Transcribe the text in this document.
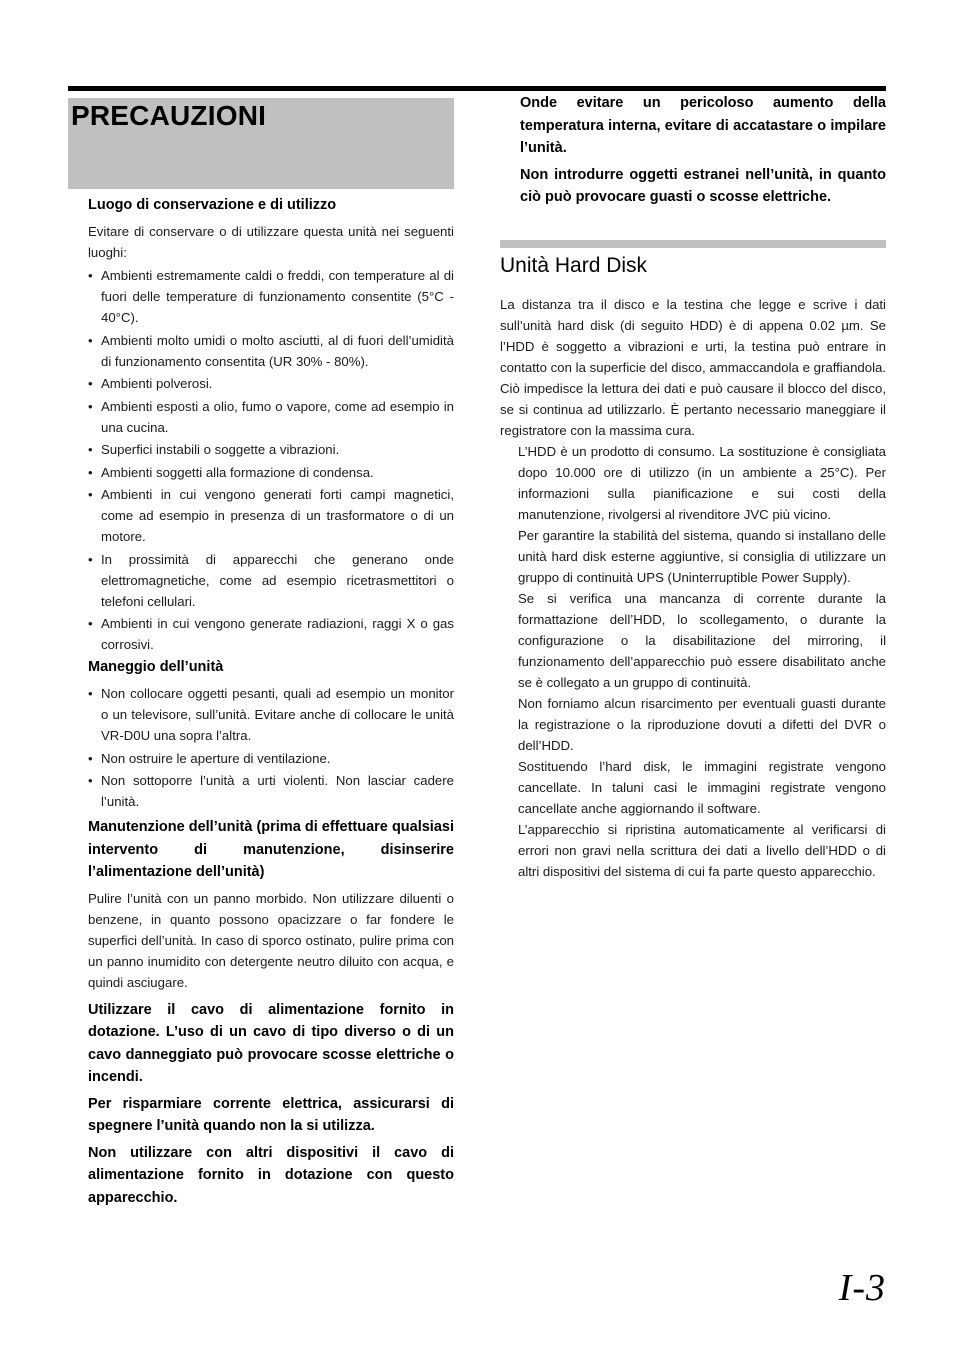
PRECAUZIONI
Luogo di conservazione e di utilizzo

Evitare di conservare o di utilizzare questa unità nei seguenti luoghi:

• Ambienti estremamente caldi o freddi, con temperature al di fuori delle temperature di funzionamento consentite (5°C - 40°C).
• Ambienti molto umidi o molto asciutti, al di fuori dell’umidità di funzionamento consentita (UR 30% - 80%).
• Ambienti polverosi.
• Ambienti esposti a olio, fumo o vapore, come ad esempio in una cucina.
• Superfici instabili o soggette a vibrazioni.
• Ambienti soggetti alla formazione di condensa.
• Ambienti in cui vengono generati forti campi magnetici, come ad esempio in presenza di un trasformatore o di un motore.
• In prossimità di apparecchi che generano onde elettromagnetiche, come ad esempio ricetrasmettitori o telefoni cellulari.
• Ambienti in cui vengono generate radiazioni, raggi X o gas corrosivi.
Maneggio dell’unità
• Non collocare oggetti pesanti, quali ad esempio un monitor o un televisore, sull’unità. Evitare anche di collocare le unità VR-D0U una sopra l’altra.
• Non ostruire le aperture di ventilazione.
• Non sottoporre l’unità a urti violenti. Non lasciar cadere l’unità.
Manutenzione dell’unità (prima di effettuare qualsiasi intervento di manutenzione, disinserire l’alimentazione dell’unità)

Pulire l’unità con un panno morbido. Non utilizzare diluenti o benzene, in quanto possono opacizzare o far fondere le superfici dell’unità. In caso di sporco ostinato, pulire prima con un panno inumidito con detergente neutro diluito con acqua, e quindi asciugare.

Utilizzare il cavo di alimentazione fornito in dotazione. L’uso di un cavo di tipo diverso o di un cavo danneggiato può provocare scosse elettriche o incendi.
Per risparmiare corrente elettrica, assicurarsi di spegnere l’unità quando non la si utilizza.
Non utilizzare con altri dispositivi il cavo di alimentazione fornito in dotazione con questo apparecchio.
Onde evitare un pericoloso aumento della temperatura interna, evitare di accatastare o impilare l’unità.
Non introdurre oggetti estranei nell’unità, in quanto ciò può provocare guasti o scosse elettriche.
Unità Hard Disk

La distanza tra il disco e la testina che legge e scrive i dati sull’unità hard disk (di seguito HDD) è di appena 0.02 µm. Se l’HDD è soggetto a vibrazioni e urti, la testina può entrare in contatto con la superficie del disco, ammaccandola e graffiandola. Ciò impedisce la lettura dei dati e può causare il blocco del disco, se si continua ad utilizzarlo. È pertanto necessario maneggiare il registratore con la massima cura.

L’HDD è un prodotto di consumo. La sostituzione è consigliata dopo 10.000 ore di utilizzo (in un ambiente a 25°C). Per informazioni sulla pianificazione e sui costi della manutenzione, rivolgersi al rivenditore JVC più vicino.

Per garantire la stabilità del sistema, quando si installano delle unità hard disk esterne aggiuntive, si consiglia di utilizzare un gruppo di continuità UPS (Uninterruptible Power Supply).

Se si verifica una mancanza di corrente durante la formattazione dell’HDD, lo scollegamento, o durante la configurazione o la disabilitazione del mirroring, il funzionamento dell’apparecchio può essere disabilitato anche se è collegato a un gruppo di continuità.

Non forniamo alcun risarcimento per eventuali guasti durante la registrazione o la riproduzione dovuti a difetti del DVR o dell’HDD.

Sostituendo l’hard disk, le immagini registrate vengono cancellate. In taluni casi le immagini registrate vengono cancellate anche aggiornando il software.

L’apparecchio si ripristina automaticamente al verificarsi di errori non gravi nella scrittura dei dati a livello dell’HDD o di altri dispositivi del sistema di cui fa parte questo apparecchio.

I-3
